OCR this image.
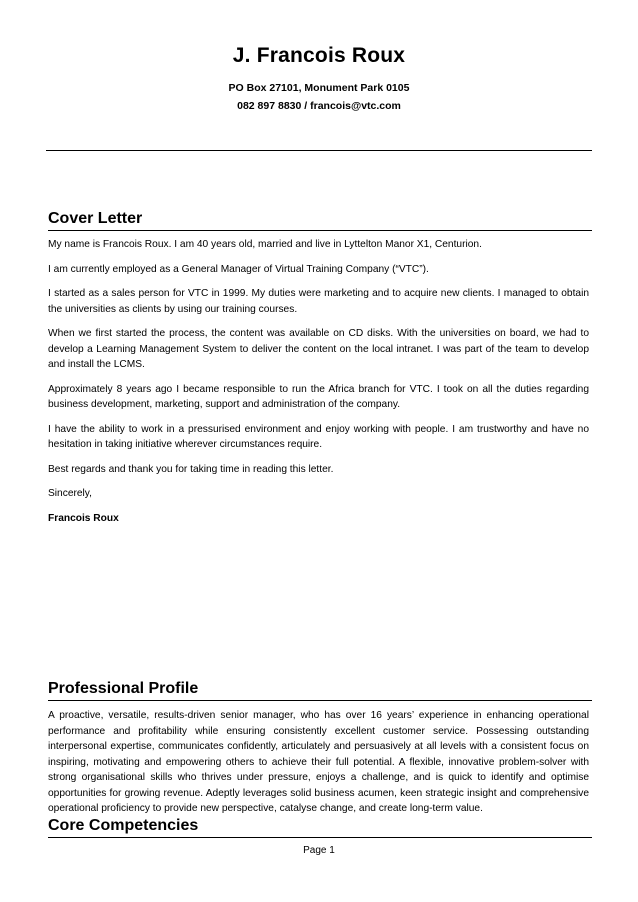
J. Francois Roux
PO Box 27101, Monument Park 0105
082 897 8830 / francois@vtc.com
Cover Letter

My name is Francois Roux. I am 40 years old, married and live in Lyttelton Manor X1, Centurion.

I am currently employed as a General Manager of Virtual Training Company (“VTC”).

I started as a sales person for VTC in 1999. My duties were marketing and to acquire new clients. I managed to obtain the universities as clients by using our training courses.

When we first started the process, the content was available on CD disks. With the universities on board, we had to develop a Learning Management System to deliver the content on the local intranet. I was part of the team to develop and install the LCMS.

Approximately 8 years ago I became responsible to run the Africa branch for VTC. I took on all the duties regarding business development, marketing, support and administration of the company.

I have the ability to work in a pressurised environment and enjoy working with people. I am trustworthy and have no hesitation in taking initiative wherever circumstances require.

Best regards and thank you for taking time in reading this letter.

Sincerely,

Francois Roux

Professional Profile

A proactive, versatile, results-driven senior manager, who has over 16 years’ experience in enhancing operational performance and profitability while ensuring consistently excellent customer service. Possessing outstanding interpersonal expertise, communicates confidently, articulately and persuasively at all levels with a consistent focus on inspiring, motivating and empowering others to achieve their full potential. A flexible, innovative problem-solver with strong organisational skills who thrives under pressure, enjoys a challenge, and is quick to identify and optimise opportunities for growing revenue. Adeptly leverages solid business acumen, keen strategic insight and comprehensive operational proficiency to provide new perspective, catalyse change, and create long-term value.

Core Competencies
Page 1
